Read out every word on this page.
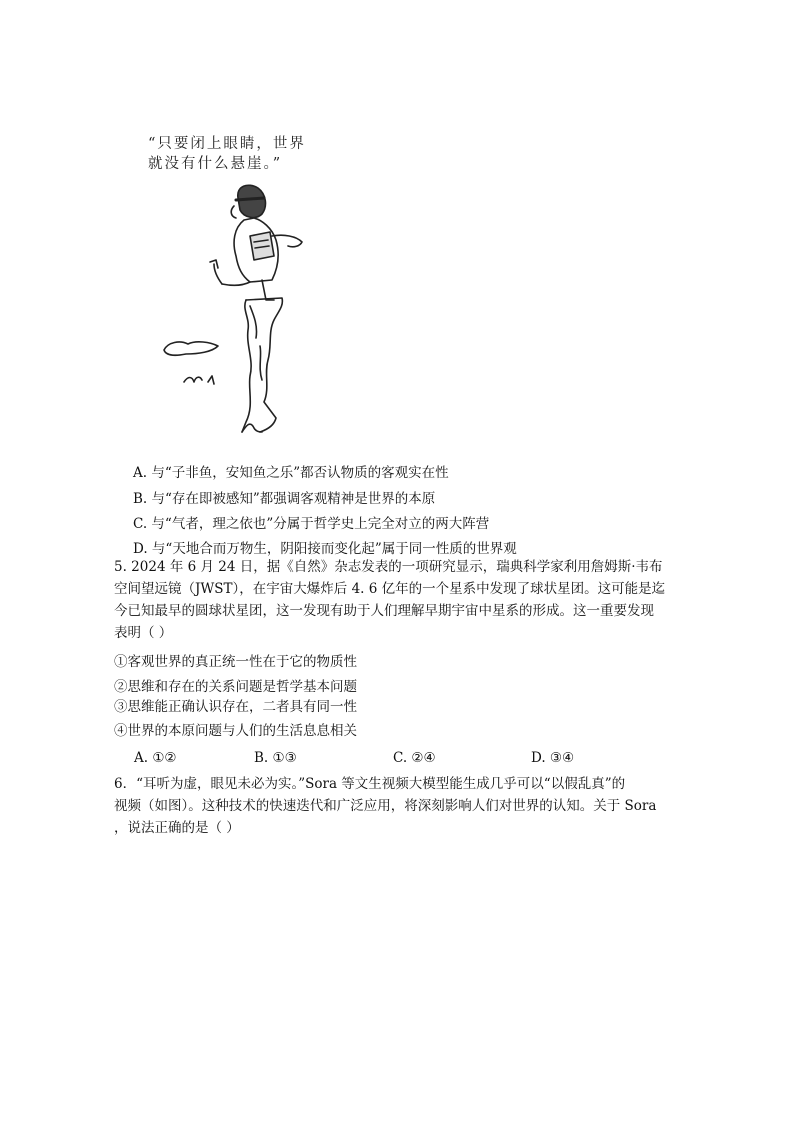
“只要闭上眼睛，世界
就没有什么悬崖。”
A. 与“子非鱼，安知鱼之乐”都否认物质的客观实在性
B. 与“存在即被感知”都强调客观精神是世界的本原
C. 与“气者，理之依也”分属于哲学史上完全对立的两大阵营
D. 与“天地合而万物生，阴阳接而变化起”属于同一性质的世界观
5. 2024 年 6 月 24 日，据《自然》杂志发表的一项研究显示，瑞典科学家利用詹姆斯·韦布
空间望远镜（JWST），在宇宙大爆炸后 4. 6 亿年的一个星系中发现了球状星团。这可能是迄
今已知最早的圆球状星团，这一发现有助于人们理解早期宇宙中星系的形成。这一重要发现
表明（ ）
①客观世界的真正统一性在于它的物质性
②思维和存在的关系问题是哲学基本问题
③思维能正确认识存在，二者具有同一性
④世界的本原问题与人们的生活息息相关
A. ①②	B. ①③	C. ②④	D. ③④
6．“耳听为虚，眼见未必为实。”Sora 等文生视频大模型能生成几乎可以“以假乱真”的
视频（如图）。这种技术的快速迭代和广泛应用，将深刻影响人们对世界的认知。关于 Sora
，说法正确的是（ ）
